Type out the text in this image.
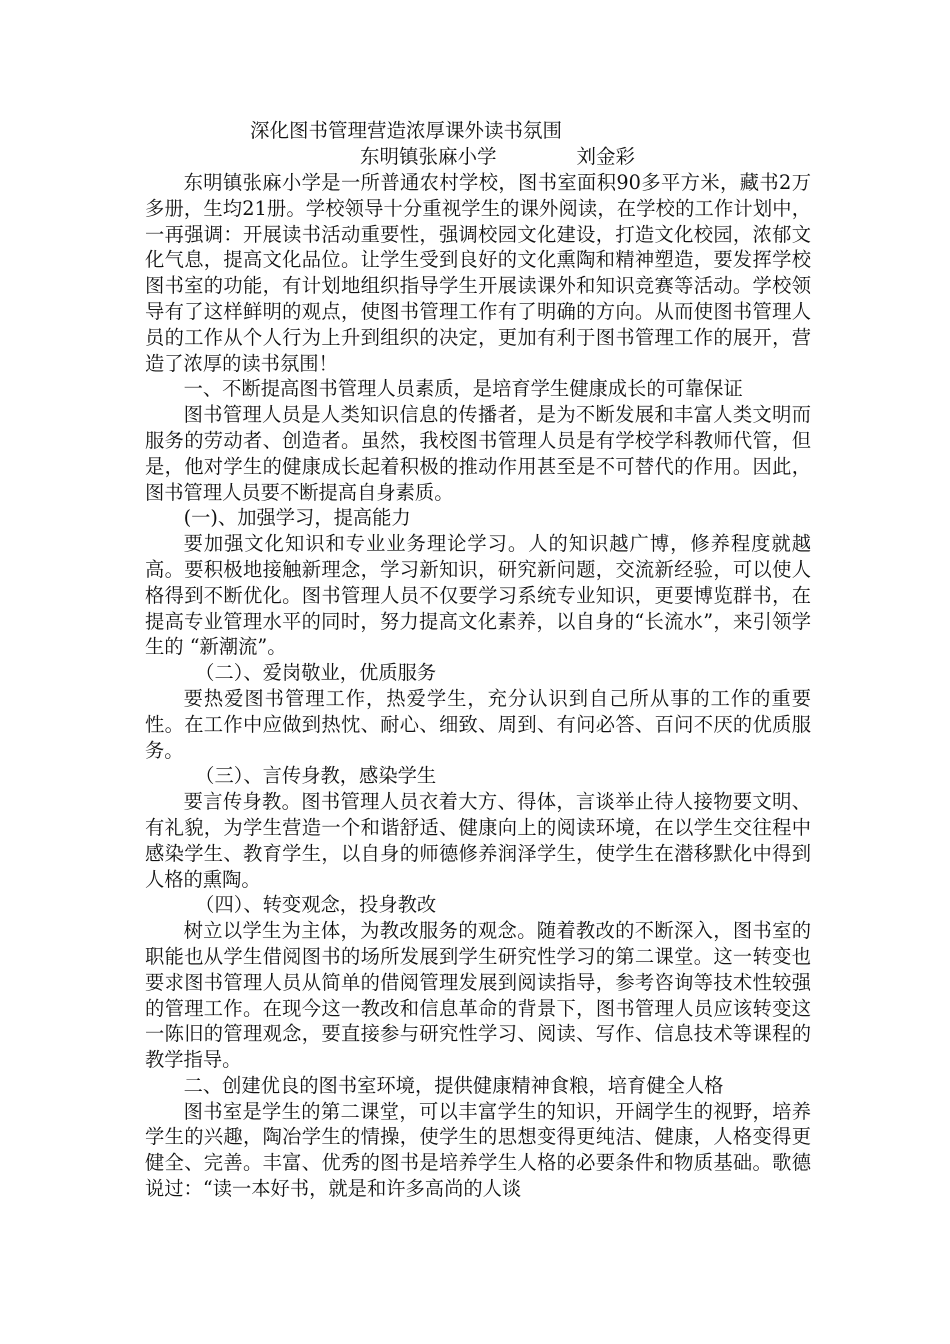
深化图书管理营造浓厚课外读书氛围
东明镇张麻小学	刘金彩

东明镇张麻小学是一所普通农村学校，图书室面积90多平方米，藏书2万多册，生均21册。学校领导十分重视学生的课外阅读，在学校的工作计划中，一再强调：开展读书活动重要性，强调校园文化建设，打造文化校园，浓郁文化气息，提高文化品位。让学生受到良好的文化熏陶和精神塑造，要发挥学校图书室的功能，有计划地组织指导学生开展读课外和知识竞赛等活动。学校领导有了这样鲜明的观点，使图书管理工作有了明确的方向。从而使图书管理人员的工作从个人行为上升到组织的决定，更加有利于图书管理工作的展开，营造了浓厚的读书氛围！

一、不断提高图书管理人员素质，是培育学生健康成长的可靠保证

图书管理人员是人类知识信息的传播者，是为不断发展和丰富人类文明而服务的劳动者、创造者。虽然，我校图书管理人员是有学校学科教师代管，但是，他对学生的健康成长起着积极的推动作用甚至是不可替代的作用。因此，图书管理人员要不断提高自身素质。

(一)、加强学习，提高能力

要加强文化知识和专业业务理论学习。人的知识越广博，修养程度就越高。要积极地接触新理念，学习新知识，研究新问题，交流新经验，可以使人格得到不断优化。图书管理人员不仅要学习系统专业知识，更要博览群书，在提高专业管理水平的同时，努力提高文化素养，以自身的“长流水”，来引领学生的 “新潮流”。

（二）、爱岗敬业，优质服务

要热爱图书管理工作，热爱学生，充分认识到自己所从事的工作的重要性。在工作中应做到热忱、耐心、细致、周到、有问必答、百问不厌的优质服务。

（三）、言传身教，感染学生

要言传身教。图书管理人员衣着大方、得体，言谈举止待人接物要文明、有礼貌，为学生营造一个和谐舒适、健康向上的阅读环境，在以学生交往程中感染学生、教育学生，以自身的师德修养润泽学生，使学生在潜移默化中得到人格的熏陶。

（四）、转变观念，投身教改

树立以学生为主体，为教改服务的观念。随着教改的不断深入，图书室的职能也从学生借阅图书的场所发展到学生研究性学习的第二课堂。这一转变也要求图书管理人员从简单的借阅管理发展到阅读指导，参考咨询等技术性较强的管理工作。在现今这一教改和信息革命的背景下，图书管理人员应该转变这一陈旧的管理观念，要直接参与研究性学习、阅读、写作、信息技术等课程的教学指导。

二、创建优良的图书室环境，提供健康精神食粮，培育健全人格

图书室是学生的第二课堂，可以丰富学生的知识，开阔学生的视野，培养学生的兴趣，陶冶学生的情操，使学生的思想变得更纯洁、健康，人格变得更健全、完善。丰富、优秀的图书是培养学生人格的必要条件和物质基础。歌德说过：“读一本好书，就是和许多高尚的人谈
